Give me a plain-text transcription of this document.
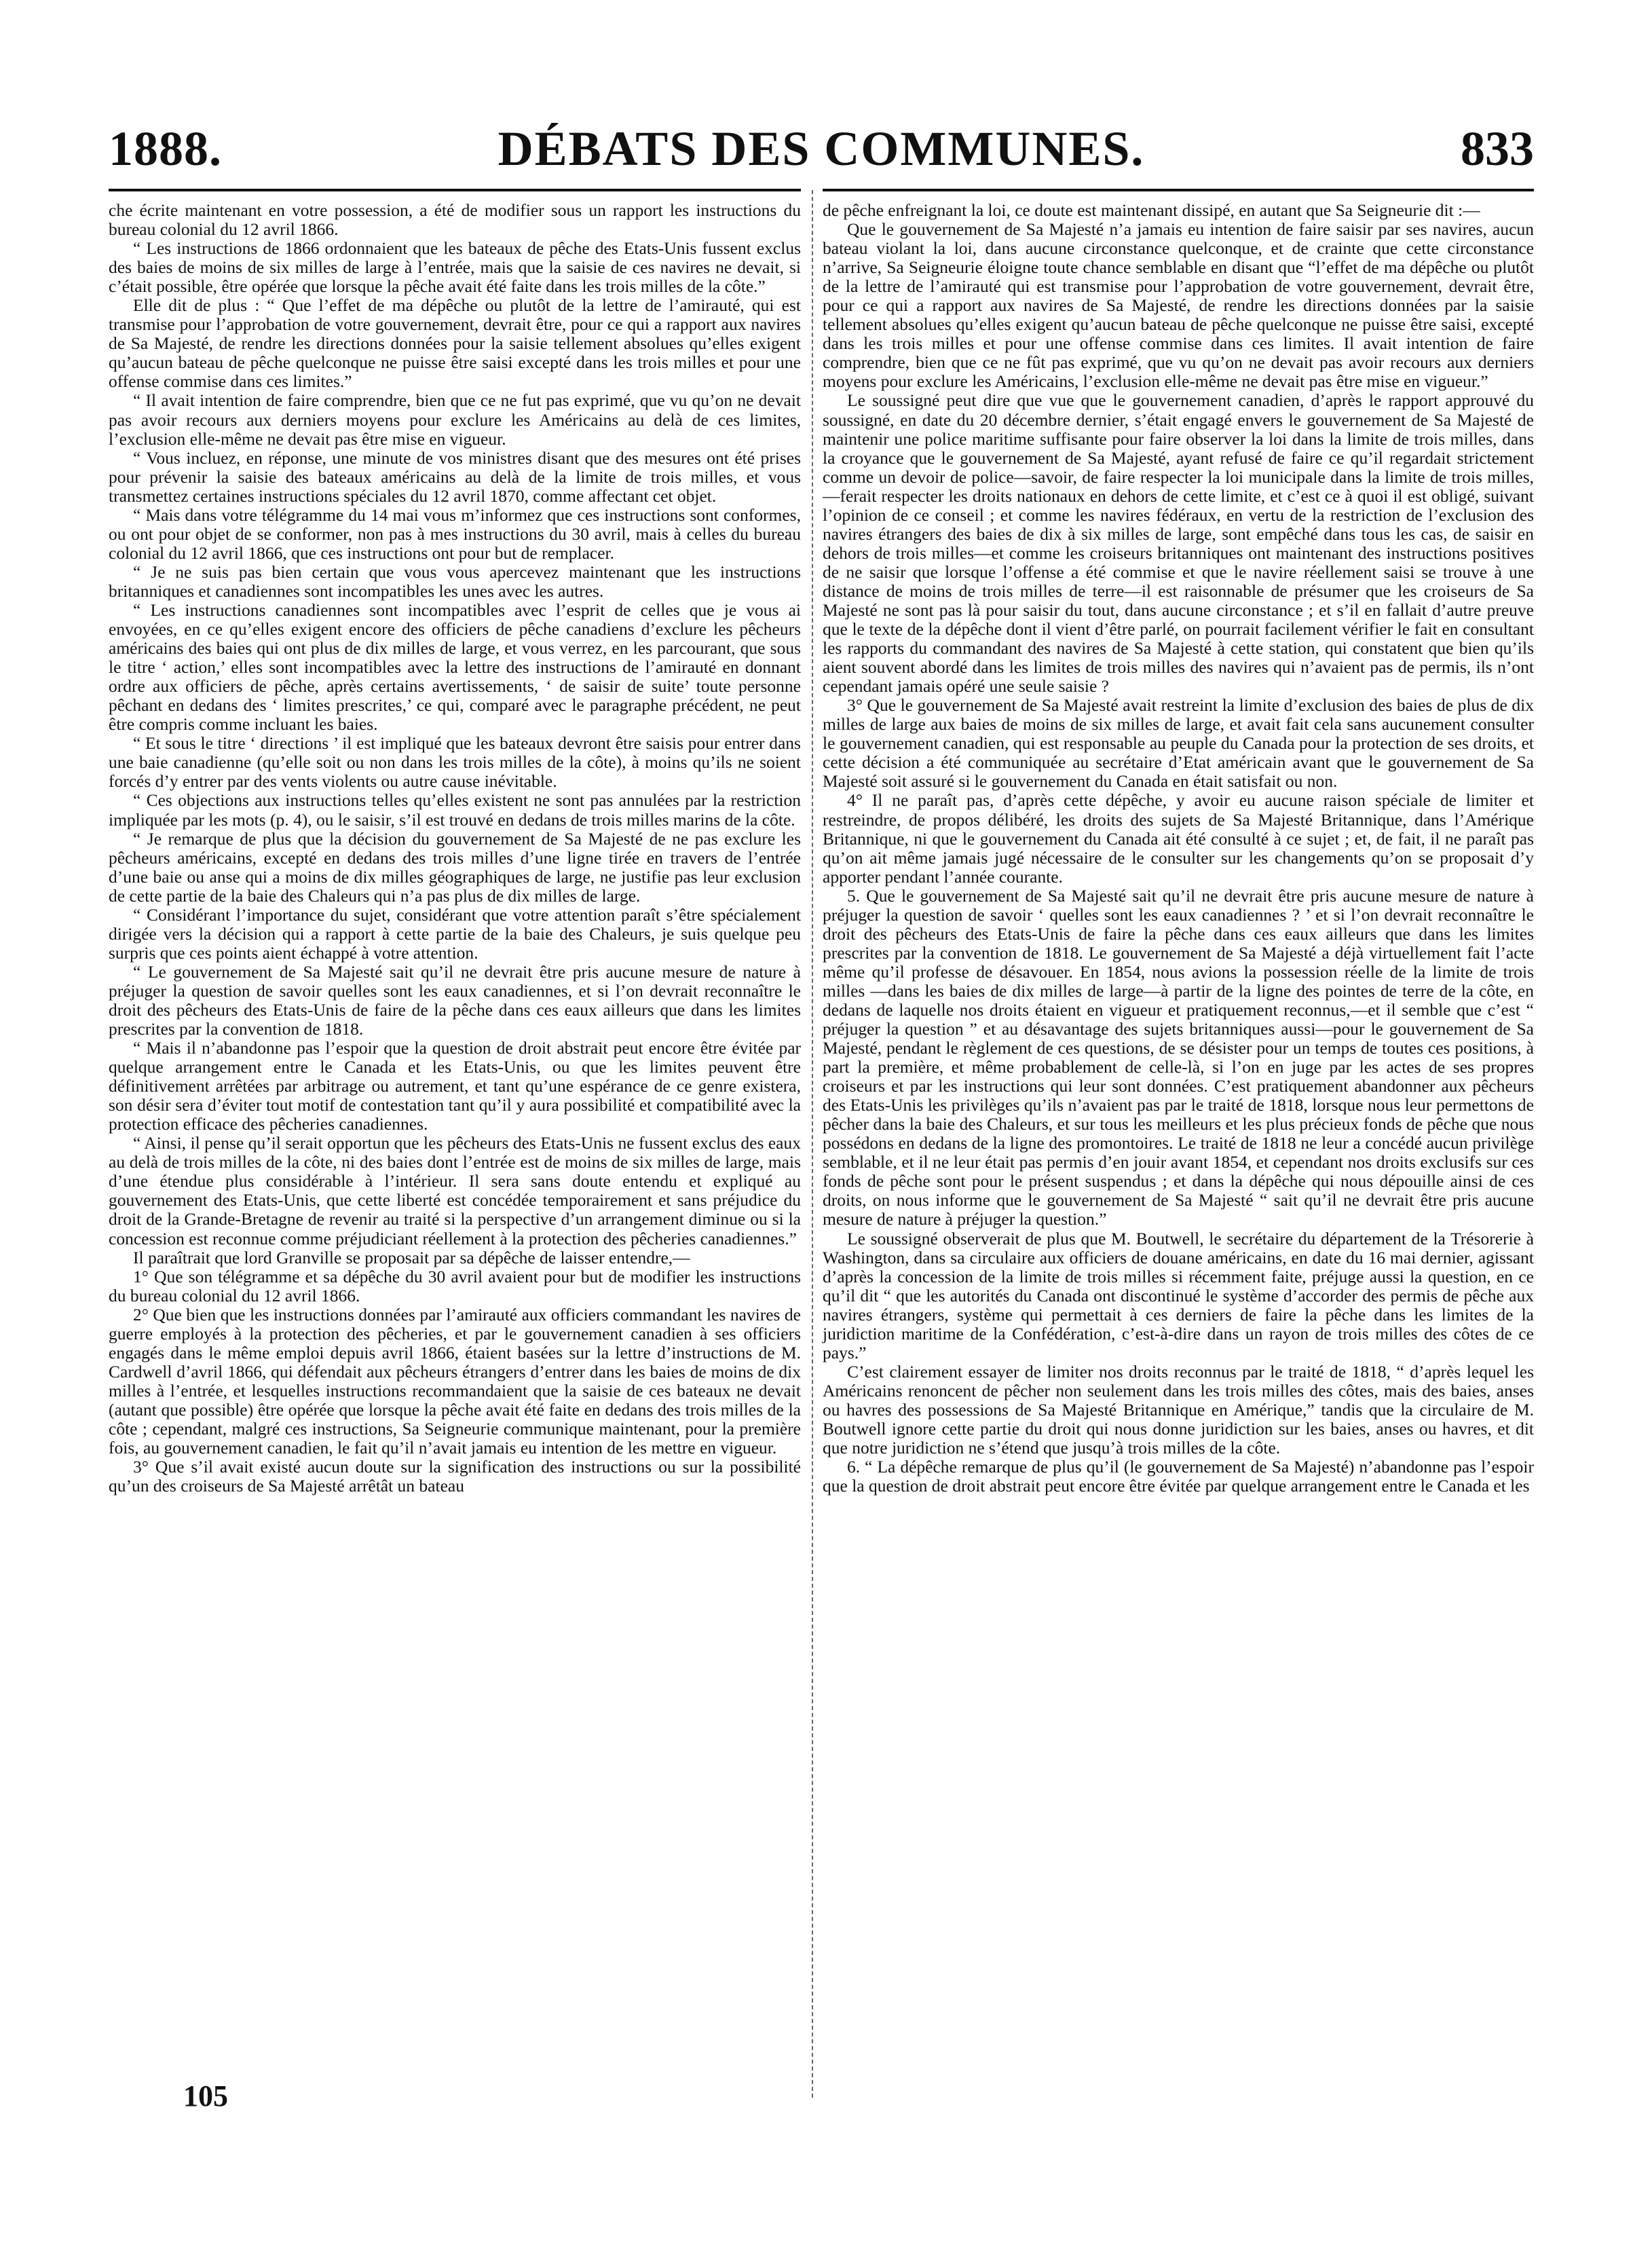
1888.	DÉBATS DES COMMUNES.	833

che écrite maintenant en votre possession, a été de modifier sous un rapport les instructions du bureau colonial du 12 avril 1866.

“ Les instructions de 1866 ordonnaient que les bateaux de pêche des Etats-Unis fussent exclus des baies de moins de six milles de large à l’entrée, mais que la saisie de ces navires ne devait, si c’était possible, être opérée que lorsque la pêche avait été faite dans les trois milles de la côte.”

Elle dit de plus : “ Que l’effet de ma dépêche ou plutôt de la lettre de l’amirauté, qui est transmise pour l’approbation de votre gouvernement, devrait être, pour ce qui a rapport aux navires de Sa Majesté, de rendre les directions données pour la saisie tellement absolues qu’elles exigent qu’aucun bateau de pêche quelconque ne puisse être saisi excepté dans les trois milles et pour une offense commise dans ces limites.”

“ Il avait intention de faire comprendre, bien que ce ne fut pas exprimé, que vu qu’on ne devait pas avoir recours aux derniers moyens pour exclure les Américains au delà de ces limites, l’exclusion elle-même ne devait pas être mise en vigueur.

“ Vous incluez, en réponse, une minute de vos ministres disant que des mesures ont été prises pour prévenir la saisie des bateaux américains au delà de la limite de trois milles, et vous transmettez certaines instructions spéciales du 12 avril 1870, comme affectant cet objet.

“ Mais dans votre télégramme du 14 mai vous m’informez que ces instructions sont conformes, ou ont pour objet de se conformer, non pas à mes instructions du 30 avril, mais à celles du bureau colonial du 12 avril 1866, que ces instructions ont pour but de remplacer.

“ Je ne suis pas bien certain que vous vous apercevez maintenant que les instructions britanniques et canadiennes sont incompatibles les unes avec les autres.

“ Les instructions canadiennes sont incompatibles avec l’esprit de celles que je vous ai envoyées, en ce qu’elles exigent encore des officiers de pêche canadiens d’exclure les pêcheurs américains des baies qui ont plus de dix milles de large, et vous verrez, en les parcourant, que sous le titre ‘ action,’ elles sont incompatibles avec la lettre des instructions de l’amirauté en donnant ordre aux officiers de pêche, après certains avertissements, ‘ de saisir de suite’ toute personne pêchant en dedans des ‘ limites prescrites,’ ce qui, comparé avec le paragraphe précédent, ne peut être compris comme incluant les baies.

“ Et sous le titre ‘ directions ’ il est impliqué que les bateaux devront être saisis pour entrer dans une baie canadienne (qu’elle soit ou non dans les trois milles de la côte), à moins qu’ils ne soient forcés d’y entrer par des vents violents ou autre cause inévitable.

“ Ces objections aux instructions telles qu’elles existent ne sont pas annulées par la restriction impliquée par les mots (p. 4), ou le saisir, s’il est trouvé en dedans de trois milles marins de la côte.

“ Je remarque de plus que la décision du gouvernement de Sa Majesté de ne pas exclure les pêcheurs américains, excepté en dedans des trois milles d’une ligne tirée en travers de l’entrée d’une baie ou anse qui a moins de dix milles géographiques de large, ne justifie pas leur exclusion de cette partie de la baie des Chaleurs qui n’a pas plus de dix milles de large.

“ Considérant l’importance du sujet, considérant que votre attention paraît s’être spécialement dirigée vers la décision qui a rapport à cette partie de la baie des Chaleurs, je suis quelque peu surpris que ces points aient échappé à votre attention.

“ Le gouvernement de Sa Majesté sait qu’il ne devrait être pris aucune mesure de nature à préjuger la question de savoir quelles sont les eaux canadiennes, et si l’on devrait reconnaître le droit des pêcheurs des Etats-Unis de faire de la pêche dans ces eaux ailleurs que dans les limites prescrites par la convention de 1818.

“ Mais il n’abandonne pas l’espoir que la question de droit abstrait peut encore être évitée par quelque arrangement entre le Canada et les Etats-Unis, ou que les limites peuvent être définitivement arrêtées par arbitrage ou autrement, et tant qu’une espérance de ce genre existera, son désir sera d’éviter tout motif de contestation tant qu’il y aura possibilité et compatibilité avec la protection efficace des pêcheries canadiennes.

“ Ainsi, il pense qu’il serait opportun que les pêcheurs des Etats-Unis ne fussent exclus des eaux au delà de trois milles de la côte, ni des baies dont l’entrée est de moins de six milles de large, mais d’une étendue plus considérable à l’intérieur. Il sera sans doute entendu et expliqué au gouvernement des Etats-Unis, que cette liberté est concédée temporairement et sans préjudice du droit de la Grande-Bretagne de revenir au traité si la perspective d’un arrangement diminue ou si la concession est reconnue comme préjudiciant réellement à la protection des pêcheries canadiennes.”

Il paraîtrait que lord Granville se proposait par sa dépêche de laisser entendre,—

1° Que son télégramme et sa dépêche du 30 avril avaient pour but de modifier les instructions du bureau colonial du 12 avril 1866.

2° Que bien que les instructions données par l’amirauté aux officiers commandant les navires de guerre employés à la protection des pêcheries, et par le gouvernement canadien à ses officiers engagés dans le même emploi depuis avril 1866, étaient basées sur la lettre d’instructions de M. Cardwell d’avril 1866, qui défendait aux pêcheurs étrangers d’entrer dans les baies de moins de dix milles à l’entrée, et lesquelles instructions recommandaient que la saisie de ces bateaux ne devait (autant que possible) être opérée que lorsque la pêche avait été faite en dedans des trois milles de la côte ; cependant, malgré ces instructions, Sa Seigneurie communique maintenant, pour la première fois, au gouvernement canadien, le fait qu’il n’avait jamais eu intention de les mettre en vigueur.

3° Que s’il avait existé aucun doute sur la signification des instructions ou sur la possibilité qu’un des croiseurs de Sa Majesté arrêtât un bateau

de pêche enfreignant la loi, ce doute est maintenant dissipé, en autant que Sa Seigneurie dit :—

Que le gouvernement de Sa Majesté n’a jamais eu intention de faire saisir par ses navires, aucun bateau violant la loi, dans aucune circonstance quelconque, et de crainte que cette circonstance n’arrive, Sa Seigneurie éloigne toute chance semblable en disant que “l’effet de ma dépêche ou plutôt de la lettre de l’amirauté qui est transmise pour l’approbation de votre gouvernement, devrait être, pour ce qui a rapport aux navires de Sa Majesté, de rendre les directions données par la saisie tellement absolues qu’elles exigent qu’aucun bateau de pêche quelconque ne puisse être saisi, excepté dans les trois milles et pour une offense commise dans ces limites. Il avait intention de faire comprendre, bien que ce ne fût pas exprimé, que vu qu’on ne devait pas avoir recours aux derniers moyens pour exclure les Américains, l’exclusion elle-même ne devait pas être mise en vigueur.”

Le soussigné peut dire que vue que le gouvernement canadien, d’après le rapport approuvé du soussigné, en date du 20 décembre dernier, s’était engagé envers le gouvernement de Sa Majesté de maintenir une police maritime suffisante pour faire observer la loi dans la limite de trois milles, dans la croyance que le gouvernement de Sa Majesté, ayant refusé de faire ce qu’il regardait strictement comme un devoir de police—savoir, de faire respecter la loi municipale dans la limite de trois milles,—ferait respecter les droits nationaux en dehors de cette limite, et c’est ce à quoi il est obligé, suivant l’opinion de ce conseil ; et comme les navires fédéraux, en vertu de la restriction de l’exclusion des navires étrangers des baies de dix à six milles de large, sont empêché dans tous les cas, de saisir en dehors de trois milles—et comme les croiseurs britanniques ont maintenant des instructions positives de ne saisir que lorsque l’offense a été commise et que le navire réellement saisi se trouve à une distance de moins de trois milles de terre—il est raisonnable de présumer que les croiseurs de Sa Majesté ne sont pas là pour saisir du tout, dans aucune circonstance ; et s’il en fallait d’autre preuve que le texte de la dépêche dont il vient d’être parlé, on pourrait facilement vérifier le fait en consultant les rapports du commandant des navires de Sa Majesté à cette station, qui constatent que bien qu’ils aient souvent abordé dans les limites de trois milles des navires qui n’avaient pas de permis, ils n’ont cependant jamais opéré une seule saisie ?

3° Que le gouvernement de Sa Majesté avait restreint la limite d’exclusion des baies de plus de dix milles de large aux baies de moins de six milles de large, et avait fait cela sans aucunement consulter le gouvernement canadien, qui est responsable au peuple du Canada pour la protection de ses droits, et cette décision a été communiquée au secrétaire d’Etat américain avant que le gouvernement de Sa Majesté soit assuré si le gouvernement du Canada en était satisfait ou non.

4° Il ne paraît pas, d’après cette dépêche, y avoir eu aucune raison spéciale de limiter et restreindre, de propos délibéré, les droits des sujets de Sa Majesté Britannique, dans l’Amérique Britannique, ni que le gouvernement du Canada ait été consulté à ce sujet ; et, de fait, il ne paraît pas qu’on ait même jamais jugé nécessaire de le consulter sur les changements qu’on se proposait d’y apporter pendant l’année courante.

5. Que le gouvernement de Sa Majesté sait qu’il ne devrait être pris aucune mesure de nature à préjuger la question de savoir ‘ quelles sont les eaux canadiennes ? ’ et si l’on devrait reconnaître le droit des pêcheurs des Etats-Unis de faire la pêche dans ces eaux ailleurs que dans les limites prescrites par la convention de 1818. Le gouvernement de Sa Majesté a déjà virtuellement fait l’acte même qu’il professe de désavouer. En 1854, nous avions la possession réelle de la limite de trois milles —dans les baies de dix milles de large—à partir de la ligne des pointes de terre de la côte, en dedans de laquelle nos droits étaient en vigueur et pratiquement reconnus,—et il semble que c’est “ préjuger la question ” et au désavantage des sujets britanniques aussi—pour le gouvernement de Sa Majesté, pendant le règlement de ces questions, de se désister pour un temps de toutes ces positions, à part la première, et même probablement de celle-là, si l’on en juge par les actes de ses propres croiseurs et par les instructions qui leur sont données. C’est pratiquement abandonner aux pêcheurs des Etats-Unis les privilèges qu’ils n’avaient pas par le traité de 1818, lorsque nous leur permettons de pêcher dans la baie des Chaleurs, et sur tous les meilleurs et les plus précieux fonds de pêche que nous possédons en dedans de la ligne des promontoires. Le traité de 1818 ne leur a concédé aucun privilège semblable, et il ne leur était pas permis d’en jouir avant 1854, et cependant nos droits exclusifs sur ces fonds de pêche sont pour le présent suspendus ; et dans la dépêche qui nous dépouille ainsi de ces droits, on nous informe que le gouvernement de Sa Majesté “ sait qu’il ne devrait être pris aucune mesure de nature à préjuger la question.”

Le soussigné observerait de plus que M. Boutwell, le secrétaire du département de la Trésorerie à Washington, dans sa circulaire aux officiers de douane américains, en date du 16 mai dernier, agissant d’après la concession de la limite de trois milles si récemment faite, préjuge aussi la question, en ce qu’il dit “ que les autorités du Canada ont discontinué le système d’accorder des permis de pêche aux navires étrangers, système qui permettait à ces derniers de faire la pêche dans les limites de la juridiction maritime de la Confédération, c’est-à-dire dans un rayon de trois milles des côtes de ce pays.”

C’est clairement essayer de limiter nos droits reconnus par le traité de 1818, “ d’après lequel les Américains renoncent de pêcher non seulement dans les trois milles des côtes, mais des baies, anses ou havres des possessions de Sa Majesté Britannique en Amérique,” tandis que la circulaire de M. Boutwell ignore cette partie du droit qui nous donne juridiction sur les baies, anses ou havres, et dit que notre juridiction ne s’étend que jusqu’à trois milles de la côte.

6. “ La dépêche remarque de plus qu’il (le gouvernement de Sa Majesté) n’abandonne pas l’espoir que la question de droit abstrait peut encore être évitée par quelque arrangement entre le Canada et les

105
